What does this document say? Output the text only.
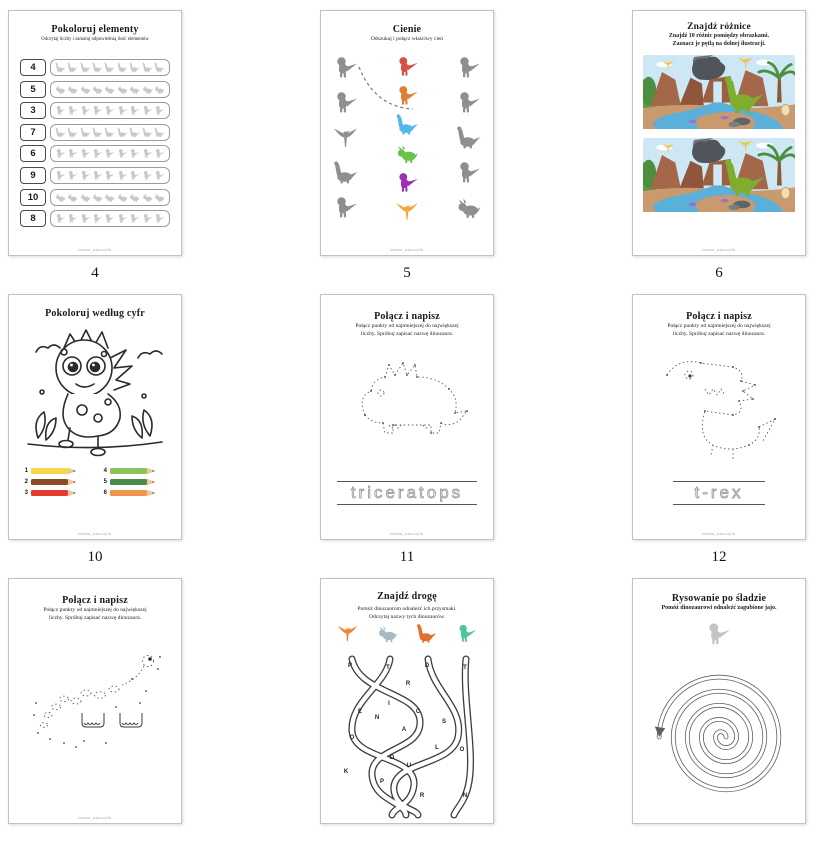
Pokoloruj elementy
Odczytaj liczby i zamaluj odpowiednią ilość elementów
4
5
3
7
6
9
10
8
mama_nauczyla
4
Cienie
Odszukaj i połącz właściwy cień
mama_nauczyla
5
Znajdź różnice
Znajdź 10 różnic pomiędzy obrazkami.
Zaznacz je pętlą na dolnej ilustracji.
mama_nauczyla
6
Pokoloruj według cyfr
1	4
2	5
3	6
mama_nauczyla
10
Połącz i napisz
Połącz punkty od najmniejszej do największej
liczby. Spróbuj zapisać nazwę dinozaura.
triceratops
mama_nauczyla
11
Połącz i napisz
Połącz punkty od najmniejszej do największej
liczby. Spróbuj zapisać nazwę dinozaura.
t-rex
mama_nauczyla
12
Połącz i napisz
Połącz punkty od najmniejszej do największej
liczby. Spróbuj zapisać nazwę dinozaura.
mama_nauczyla
Znajdź drogę
Pomóż dinozaurom odnaleźć ich przysmaki.
Odczytaj nazwy tych dinozaurów.
P	T	D	T
R
I
A
E
O
N
C
K
U
L
D
P
R
S
O
N
Rysowanie po śladzie
Pomóż dinozaurowi odnaleźć zagubione jajo.
